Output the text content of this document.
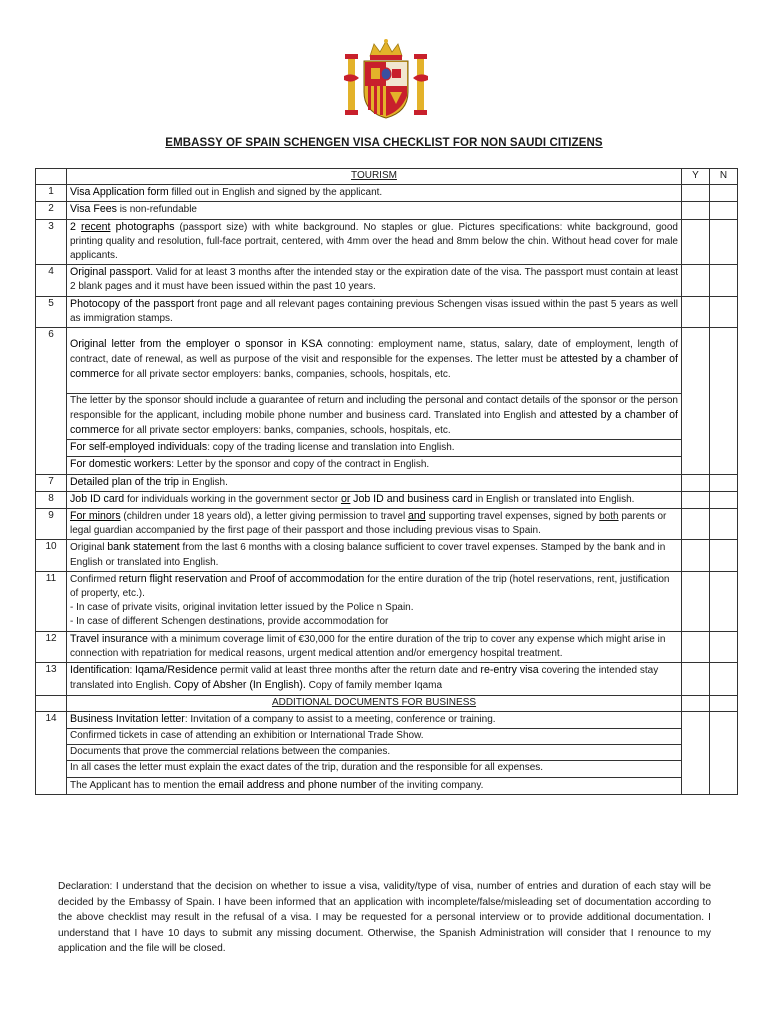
EMBASSY OF SPAIN SCHENGEN VISA CHECKLIST FOR NON SAUDI CITIZENS
	TOURISM	Y	N
1	Visa Application form filled out in English and signed by the applicant.		
2	Visa Fees is non-refundable		
3	2 recent photographs (passport size) with white background. No staples or glue. Pictures specifications: white background, good printing quality and resolution, full-face portrait, centered, with 4mm over the head and 8mm below the chin. Without head cover for male applicants.		
4	Original passport. Valid for at least 3 months after the intended stay or the expiration date of the visa. The passport must contain at least 2 blank pages and it must have been issued within the past 10 years.		
5	Photocopy of the passport front page and all relevant pages containing previous Schengen visas issued within the past 5 years as well as immigration stamps.		
6	Original letter from the employer o sponsor in KSA connoting: employment name, status, salary, date of employment, length of contract, date of renewal, as well as purpose of the visit and responsible for the expenses. The letter must be attested by a chamber of commerce for all private sector employers: banks, companies, schools, hospitals, etc.

	The letter by the sponsor should include a guarantee of return and including the personal and contact details of the sponsor or the person responsible for the applicant, including mobile phone number and business card. Translated into English and attested by a chamber of commerce for all private sector employers: banks, companies, schools, hospitals, etc.		
	For self-employed individuals: copy of the trading license and translation into English.		
	For domestic workers: Letter by the sponsor and copy of the contract in English.		
7	Detailed plan of the trip in English.		
8	Job ID card for individuals working in the government sector or Job ID and business card in English or translated into English.		
9	For minors (children under 18 years old), a letter giving permission to travel and supporting travel expenses, signed by both parents or legal guardian accompanied by the first page of their passport and those including previous visas to Spain.		
10	Original bank statement from the last 6 months with a closing balance sufficient to cover travel expenses. Stamped by the bank and in English or translated into English.		
11	Confirmed return flight reservation and Proof of accommodation for the entire duration of the trip (hotel reservations, rent, justification of property, etc.).
- In case of private visits, original invitation letter issued by the Police n Spain.
- In case of different Schengen destinations, provide accommodation for		

12	Travel insurance with a minimum coverage limit of €30,000 for the entire duration of the trip to cover any expense which might arise in connection with repatriation for medical reasons, urgent medical attention and/or emergency hospital treatment.		
13	Identification: Iqama/Residence permit valid at least three months after the return date and re-entry visa covering the intended stay translated into English. Copy of Absher (In English). Copy of family member Iqama		
	ADDITIONAL DOCUMENTS FOR BUSINESS		
14	Business Invitation letter: Invitation of a company to assist to a meeting, conference or training.		
	Confirmed tickets in case of attending an exhibition or International Trade Show.		
	Documents that prove the commercial relations between the companies.		
	In all cases the letter must explain the exact dates of the trip, duration and the responsible for all expenses.		
	The Applicant has to mention the email address and phone number of the inviting company.		
Declaration: I understand that the decision on whether to issue a visa, validity/type of visa, number of entries and duration of each stay will be decided by the Embassy of Spain. I have been informed that an application with incomplete/false/misleading set of documentation according to the above checklist may result in the refusal of a visa. I may be requested for a personal interview or to provide additional documentation. I understand that I have 10 days to submit any missing document. Otherwise, the Spanish Administration will consider that I renounce to my application and the file will be closed.
